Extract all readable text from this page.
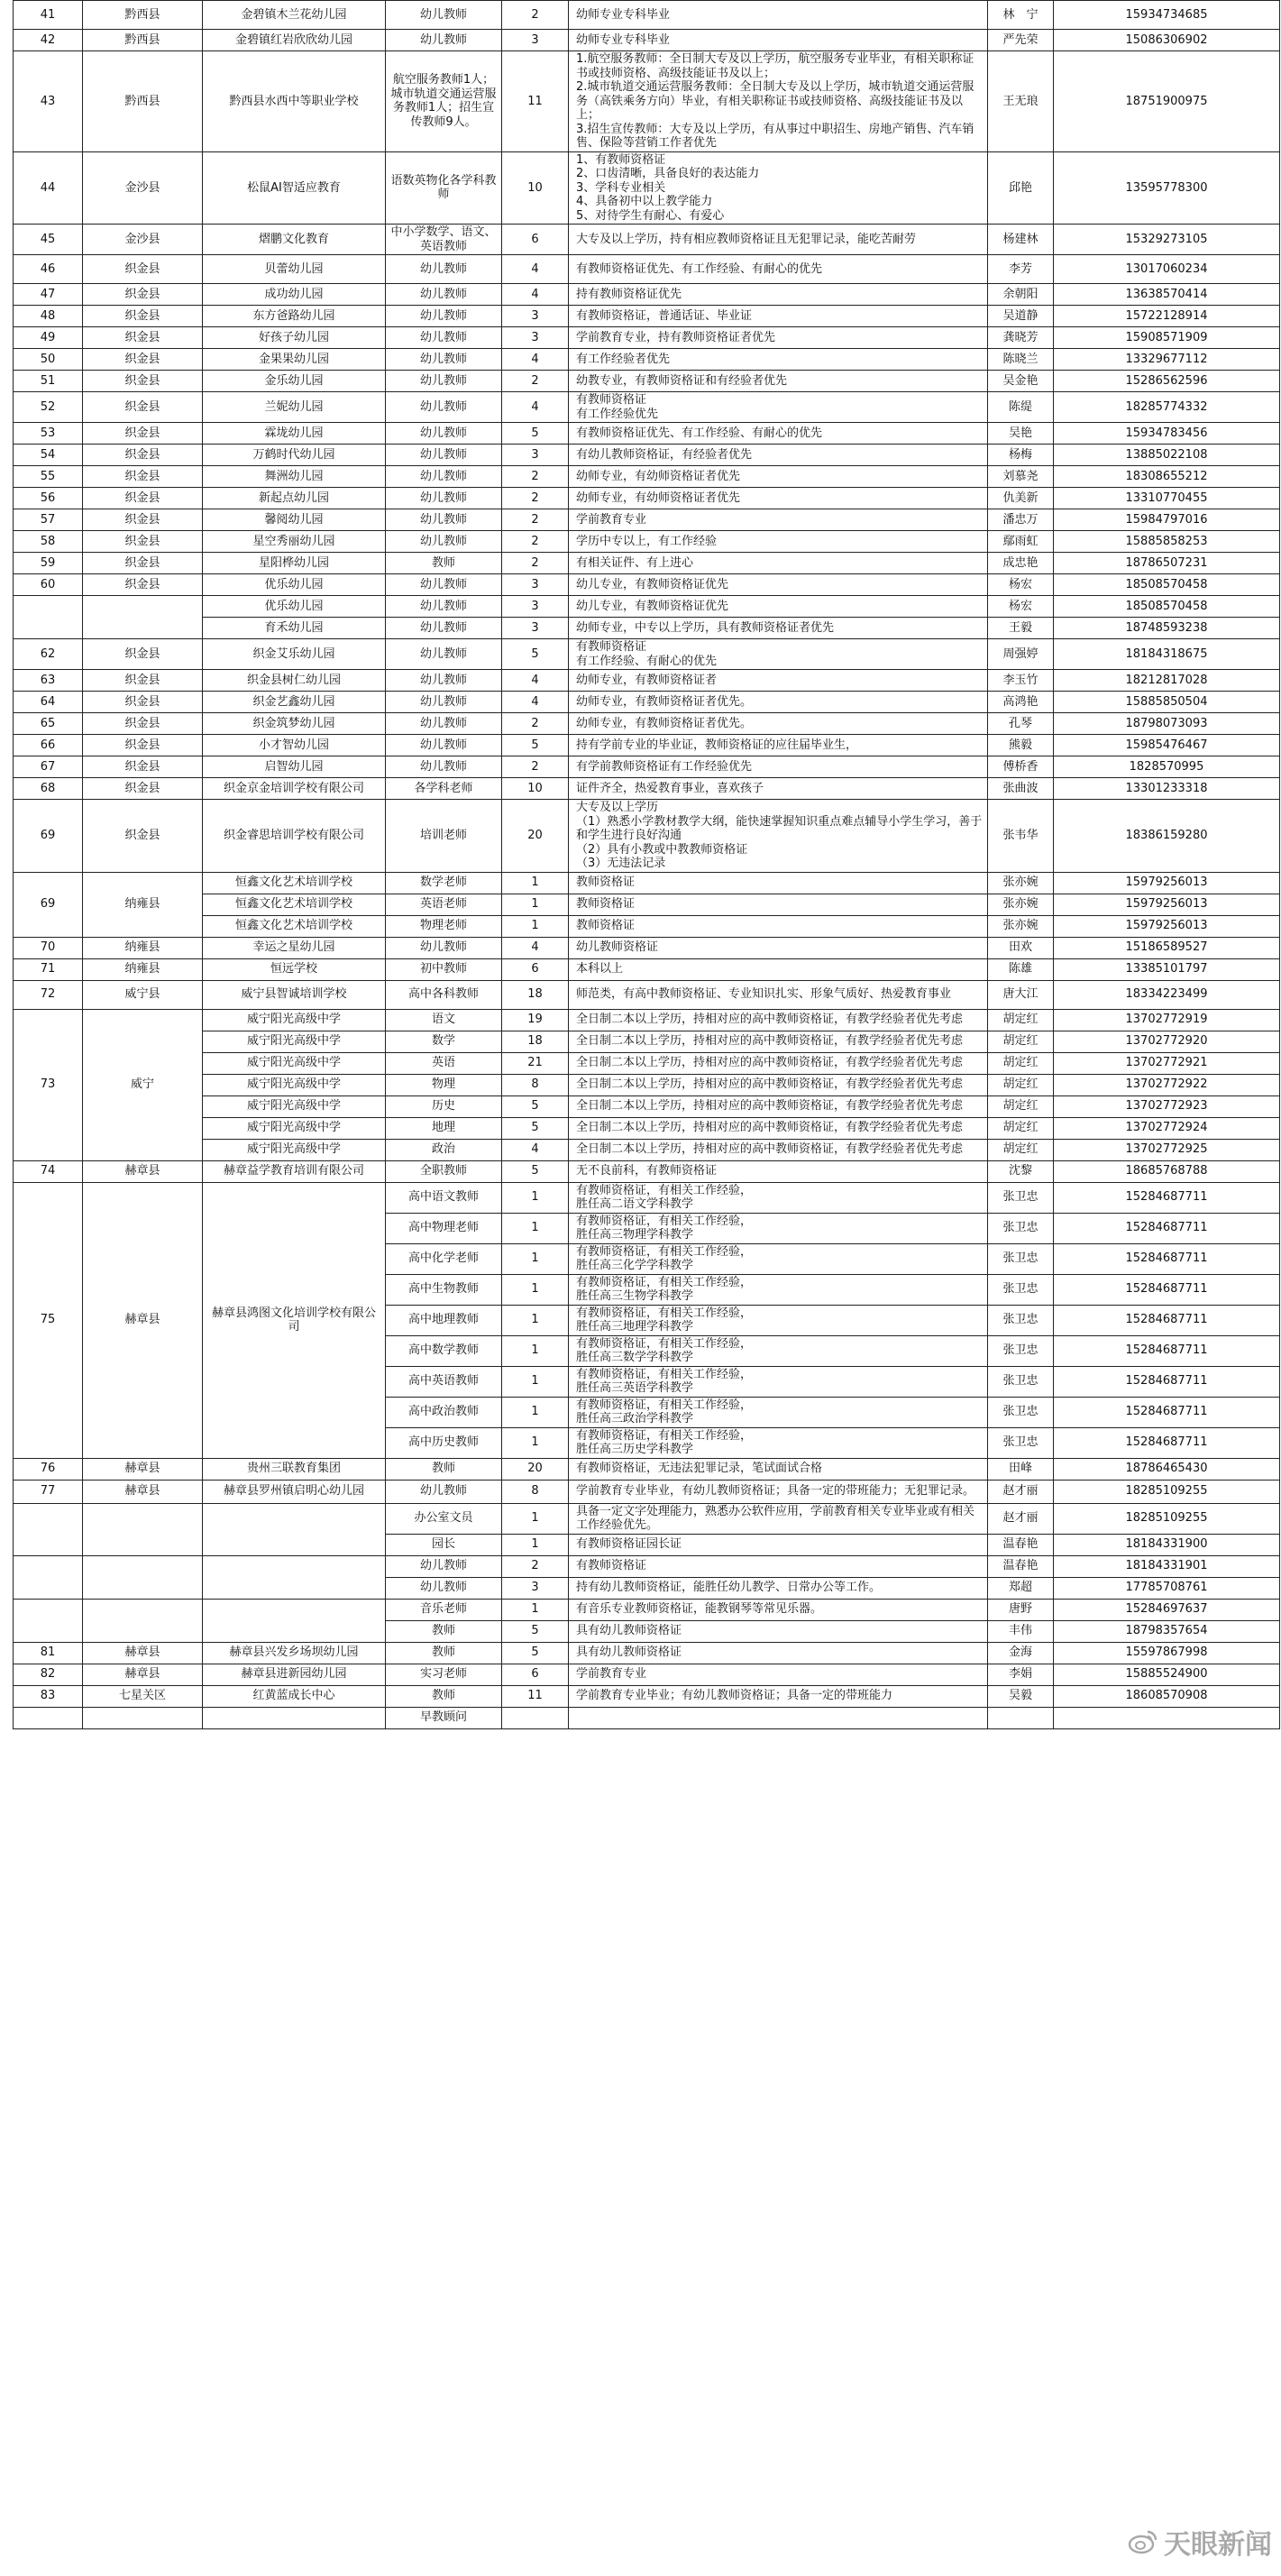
41	黔西县	金碧镇木兰花幼儿园	幼儿教师	2	幼师专业专科毕业	林　宁	15934734685
42	黔西县	金碧镇红岩欣欣幼儿园	幼儿教师	3	幼师专业专科毕业	严先荣	15086306902
43	黔西县	黔西县水西中等职业学校	航空服务教师1人；城市轨道交通运营服务教师1人；招生宣传教师9人。	11	1.航空服务教师：全日制大专及以上学历，航空服务专业毕业，有相关职称证书或技师资格、高级技能证书及以上；
2.城市轨道交通运营服务教师：全日制大专及以上学历，城市轨道交通运营服务（高铁乘务方向）毕业，有相关职称证书或技师资格、高级技能证书及以上；
3.招生宣传教师：大专及以上学历，有从事过中职招生、房地产销售、汽车销售、保险等营销工作者优先	王无琅	18751900975
44	金沙县	松鼠AI智适应教育	语数英物化各学科教师	10	1、有教师资格证
2、口齿清晰，具备良好的表达能力
3、学科专业相关
4、具备初中以上教学能力
5、对待学生有耐心、有爱心	邱艳	13595778300
45	金沙县	熠鹏文化教育	中小学数学、语文、英语教师	6	大专及以上学历，持有相应教师资格证且无犯罪记录，能吃苦耐劳	杨建林	15329273105
46	织金县	贝蕾幼儿园	幼儿教师	4	有教师资格证优先、有工作经验、有耐心的优先	李芳	13017060234
47	织金县	成功幼儿园	幼儿教师	4	持有教师资格证优先	余朝阳	13638570414
48	织金县	东方爸路幼儿园	幼儿教师	3	有教师资格证，普通话证、毕业证	吴道静	15722128914
49	织金县	好孩子幼儿园	幼儿教师	3	学前教育专业，持有教师资格证者优先	龚晓芳	15908571909
50	织金县	金果果幼儿园	幼儿教师	4	有工作经验者优先	陈晓兰	13329677112
51	织金县	金乐幼儿园	幼儿教师	2	幼教专业，有教师资格证和有经验者优先	吴金艳	15286562596
52	织金县	兰妮幼儿园	幼儿教师	4	有教师资格证
有工作经验优先	陈缇	18285774332
53	织金县	霖垅幼儿园	幼儿教师	5	有教师资格证优先、有工作经验、有耐心的优先	吴艳	15934783456
54	织金县	万鹤时代幼儿园	幼儿教师	3	有幼儿教师资格证，有经验者优先	杨梅	13885022108
55	织金县	舞洲幼儿园	幼儿教师	2	幼师专业，有幼师资格证者优先	刘慕尧	18308655212
56	织金县	新起点幼儿园	幼儿教师	2	幼师专业，有幼师资格证者优先	仇美新	13310770455
57	织金县	馨阅幼儿园	幼儿教师	2	学前教育专业	潘忠万	15984797016
58	织金县	星空秀丽幼儿园	幼儿教师	2	学历中专以上，有工作经验	鄢雨虹	15885858253
59	织金县	星阳桦幼儿园	教师	2	有相关证件、有上进心	成忠艳	18786507231
60	织金县	优乐幼儿园	幼儿教师	3	幼儿专业，有教师资格证优先	杨宏	18508570458
		优乐幼儿园	幼儿教师	3	幼儿专业，有教师资格证优先	杨宏	18508570458
		育禾幼儿园	幼儿教师	3	幼师专业，中专以上学历，具有教师资格证者优先	王毅	18748593238
62	织金县	织金艾乐幼儿园	幼儿教师	5	有教师资格证
有工作经验、有耐心的优先	周强婷	18184318675
63	织金县	织金县树仁幼儿园	幼儿教师	4	幼师专业，有教师资格证者	李玉竹	18212817028
64	织金县	织金艺鑫幼儿园	幼儿教师	4	幼师专业，有教师资格证者优先。	高鸿艳	15885850504
65	织金县	织金筑梦幼儿园	幼儿教师	2	幼师专业，有教师资格证者优先。	孔琴	18798073093
66	织金县	小才智幼儿园	幼儿教师	5	持有学前专业的毕业证，教师资格证的应往届毕业生，	熊毅	15985476467
67	织金县	启智幼儿园	幼儿教师	2	有学前教师资格证有工作经验优先	傅桥香	1828570995
68	织金县	织金京金培训学校有限公司	各学科老师	10	证件齐全，热爱教育事业，喜欢孩子	张曲波	13301233318
69	织金县	织金睿思培训学校有限公司	培训老师	20	大专及以上学历
（1）熟悉小学教材教学大纲，能快速掌握知识重点难点辅导小学生学习，善于和学生进行良好沟通
（2）具有小教或中教教师资格证
（3）无违法记录	张韦华	18386159280
69	纳雍县	恒鑫文化艺术培训学校	数学老师	1	教师资格证	张亦婉	15979256013
		恒鑫文化艺术培训学校	英语老师	1	教师资格证	张亦婉	15979256013
		恒鑫文化艺术培训学校	物理老师	1	教师资格证	张亦婉	15979256013
70	纳雍县	幸运之星幼儿园	幼儿教师	4	幼儿教师资格证	田欢	15186589527
71	纳雍县	恒远学校	初中教师	6	本科以上	陈雄	13385101797
72	威宁县	威宁县智诚培训学校	高中各科教师	18	师范类，有高中教师资格证、专业知识扎实、形象气质好、热爱教育事业	唐大江	18334223499
73	威宁	威宁阳光高级中学	语文	19	全日制二本以上学历，持相对应的高中教师资格证，有教学经验者优先考虑	胡定红	13702772919
		威宁阳光高级中学	数学	18	全日制二本以上学历，持相对应的高中教师资格证，有教学经验者优先考虑	胡定红	13702772920
		威宁阳光高级中学	英语	21	全日制二本以上学历，持相对应的高中教师资格证，有教学经验者优先考虑	胡定红	13702772921
		威宁阳光高级中学	物理	8	全日制二本以上学历，持相对应的高中教师资格证，有教学经验者优先考虑	胡定红	13702772922
		威宁阳光高级中学	历史	5	全日制二本以上学历，持相对应的高中教师资格证，有教学经验者优先考虑	胡定红	13702772923
		威宁阳光高级中学	地理	5	全日制二本以上学历，持相对应的高中教师资格证，有教学经验者优先考虑	胡定红	13702772924
		威宁阳光高级中学	政治	4	全日制二本以上学历，持相对应的高中教师资格证，有教学经验者优先考虑	胡定红	13702772925
74	赫章县	赫章益学教育培训有限公司	全职教师	5	无不良前科，有教师资格证	沈黎	18685768788
75	赫章县	赫章县鸿图文化培训学校有限公司	高中语文教师	1	有教师资格证，有相关工作经验，
胜任高二语文学科教学	张卫忠	15284687711
			高中物理老师	1	有教师资格证，有相关工作经验，
胜任高三物理学科教学	张卫忠	15284687711
			高中化学老师	1	有教师资格证，有相关工作经验，
胜任高三化学学科教学	张卫忠	15284687711
			高中生物教师	1	有教师资格证，有相关工作经验，
胜任高三生物学科教学	张卫忠	15284687711
			高中地理教师	1	有教师资格证，有相关工作经验，
胜任高三地理学科教学	张卫忠	15284687711
			高中数学教师	1	有教师资格证，有相关工作经验，
胜任高三数学学科教学	张卫忠	15284687711
			高中英语教师	1	有教师资格证，有相关工作经验，
胜任高三英语学科教学	张卫忠	15284687711
			高中政治教师	1	有教师资格证，有相关工作经验，
胜任高三政治学科教学	张卫忠	15284687711
			高中历史教师	1	有教师资格证，有相关工作经验，
胜任高三历史学科教学	张卫忠	15284687711
76	赫章县	贵州三联教育集团	教师	20	有教师资格证，无违法犯罪记录，笔试面试合格	田峰	18786465430
77	赫章县	赫章县罗州镇启明心幼儿园	幼儿教师	8	学前教育专业毕业，有幼儿教师资格证；具备一定的带班能力；无犯罪记录。	赵才丽	18285109255
			办公室文员	1	具备一定文字处理能力，熟悉办公软件应用，学前教育相关专业毕业或有相关工作经验优先。	赵才丽	18285109255
			园长	1	有教师资格证园长证	温春艳	18184331900
			幼儿教师	2	有教师资格证	温春艳	18184331901
			幼儿教师	3	持有幼儿教师资格证，能胜任幼儿教学、日常办公等工作。	郑超	17785708761
			音乐老师	1	有音乐专业教师资格证，能教钢琴等常见乐器。	唐野	15284697637
			教师	5	具有幼儿教师资格证	丰伟	18798357654
81	赫章县	赫章县兴发乡场坝幼儿园	教师	5	具有幼儿教师资格证	金海	15597867998
82	赫章县	赫章县进新园幼儿园	实习老师	6	学前教育专业	李娟	15885524900
83	七星关区	红黄蓝成长中心	教师	11	学前教育专业毕业；有幼儿教师资格证；具备一定的带班能力	吴毅	18608570908
			早教顾问				
天眼新闻
